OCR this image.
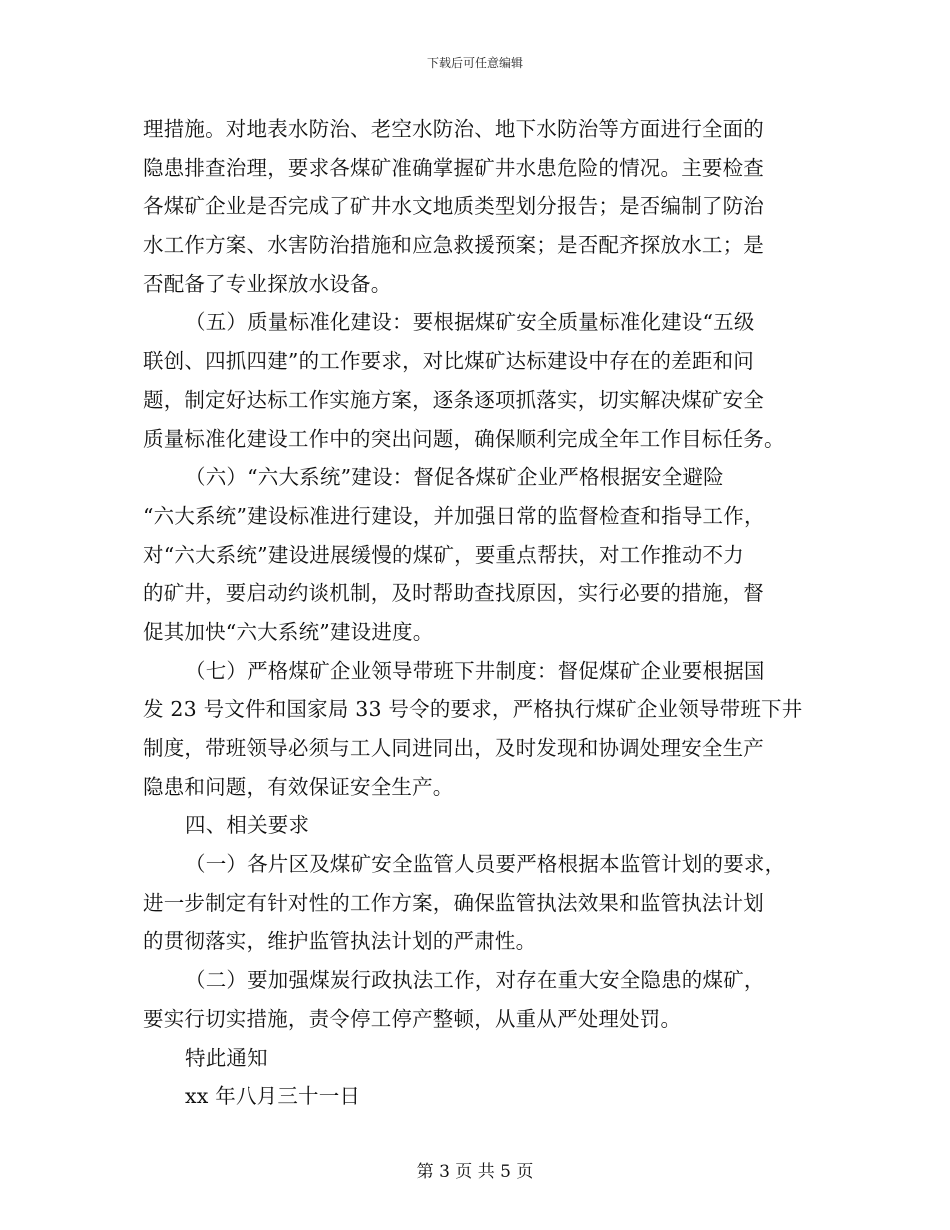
下载后可任意编辑
理措施。对地表水防治、老空水防治、地下水防治等方面进行全面的
隐患排查治理，要求各煤矿准确掌握矿井水患危险的情况。主要检查
各煤矿企业是否完成了矿井水文地质类型划分报告；是否编制了防治
水工作方案、水害防治措施和应急救援预案；是否配齐探放水工；是
否配备了专业探放水设备。
（五）质量标准化建设：要根据煤矿安全质量标准化建设“五级
联创、四抓四建”的工作要求，对比煤矿达标建设中存在的差距和问
题，制定好达标工作实施方案，逐条逐项抓落实，切实解决煤矿安全
质量标准化建设工作中的突出问题，确保顺利完成全年工作目标任务。
（六）“六大系统”建设：督促各煤矿企业严格根据安全避险
“六大系统”建设标准进行建设，并加强日常的监督检查和指导工作，
对“六大系统”建设进展缓慢的煤矿，要重点帮扶，对工作推动不力
的矿井，要启动约谈机制，及时帮助查找原因，实行必要的措施，督
促其加快“六大系统”建设进度。
（七）严格煤矿企业领导带班下井制度：督促煤矿企业要根据国
发 23 号文件和国家局 33 号令的要求，严格执行煤矿企业领导带班下井
制度，带班领导必须与工人同进同出，及时发现和协调处理安全生产
隐患和问题，有效保证安全生产。
四、相关要求
（一）各片区及煤矿安全监管人员要严格根据本监管计划的要求，
进一步制定有针对性的工作方案，确保监管执法效果和监管执法计划
的贯彻落实，维护监管执法计划的严肃性。
（二）要加强煤炭行政执法工作，对存在重大安全隐患的煤矿，
要实行切实措施，责令停工停产整顿，从重从严处理处罚。
特此通知
xx 年八月三十一日
第 3 页 共 5 页
